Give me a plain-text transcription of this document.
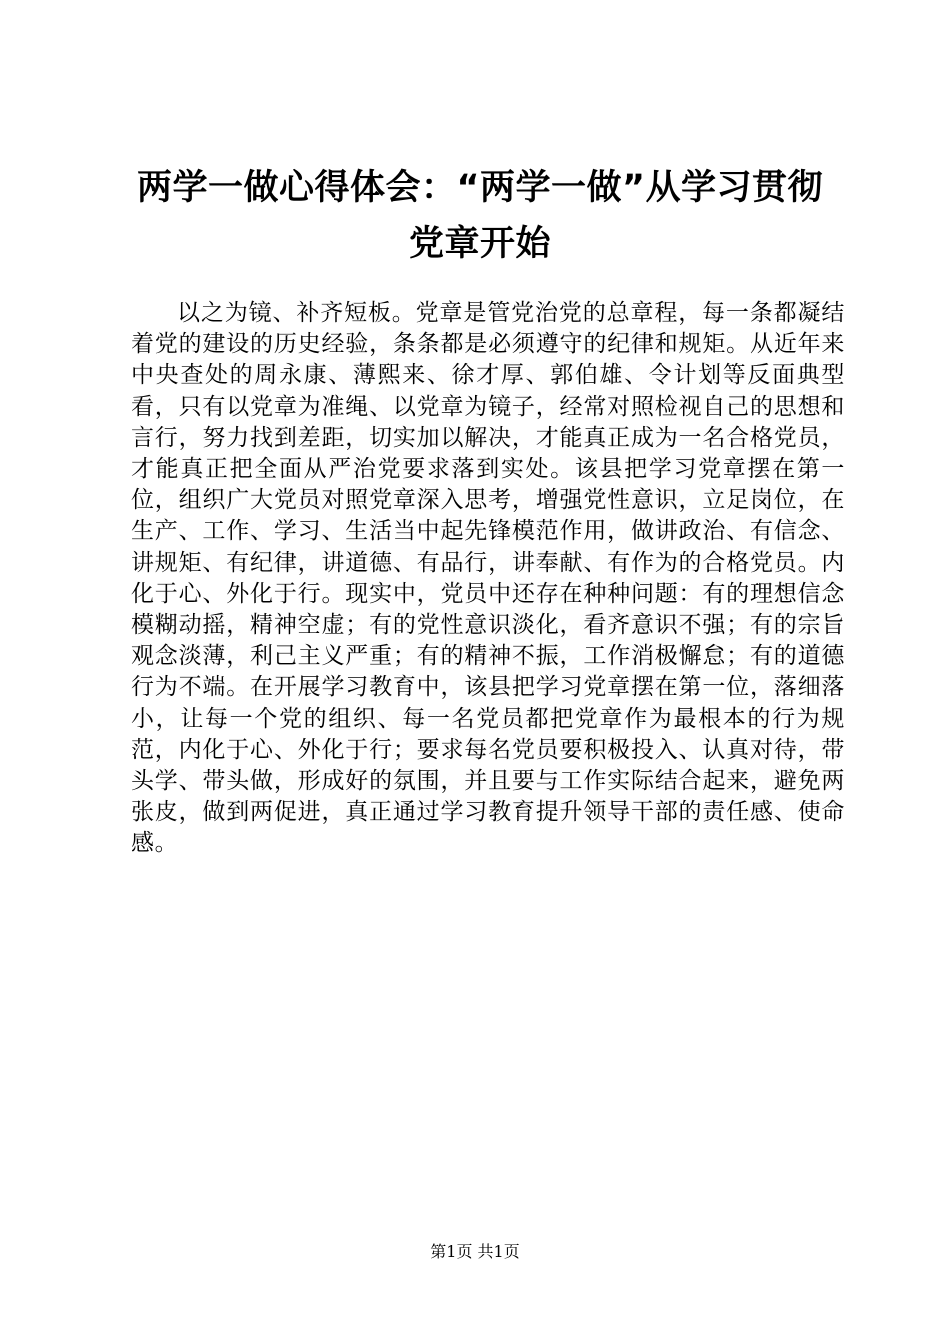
两学一做心得体会：“两学一做”从学习贯彻
党章开始

以之为镜、补齐短板。党章是管党治党的总章程，每一条都凝结着党的建设的历史经验，条条都是必须遵守的纪律和规矩。从近年来中央查处的周永康、薄熙来、徐才厚、郭伯雄、令计划等反面典型看，只有以党章为准绳、以党章为镜子，经常对照检视自己的思想和言行，努力找到差距，切实加以解决，才能真正成为一名合格党员，才能真正把全面从严治党要求落到实处。该县把学习党章摆在第一位，组织广大党员对照党章深入思考，增强党性意识，立足岗位，在生产、工作、学习、生活当中起先锋模范作用，做讲政治、有信念、讲规矩、有纪律，讲道德、有品行，讲奉献、有作为的合格党员。内化于心、外化于行。现实中，党员中还存在种种问题：有的理想信念模糊动摇，精神空虚；有的党性意识淡化，看齐意识不强；有的宗旨观念淡薄，利己主义严重；有的精神不振，工作消极懈怠；有的道德行为不端。在开展学习教育中，该县把学习党章摆在第一位，落细落小，让每一个党的组织、每一名党员都把党章作为最根本的行为规范，内化于心、外化于行；要求每名党员要积极投入、认真对待，带头学、带头做，形成好的氛围，并且要与工作实际结合起来，避免两张皮，做到两促进，真正通过学习教育提升领导干部的责任感、使命感。

第1页 共1页
